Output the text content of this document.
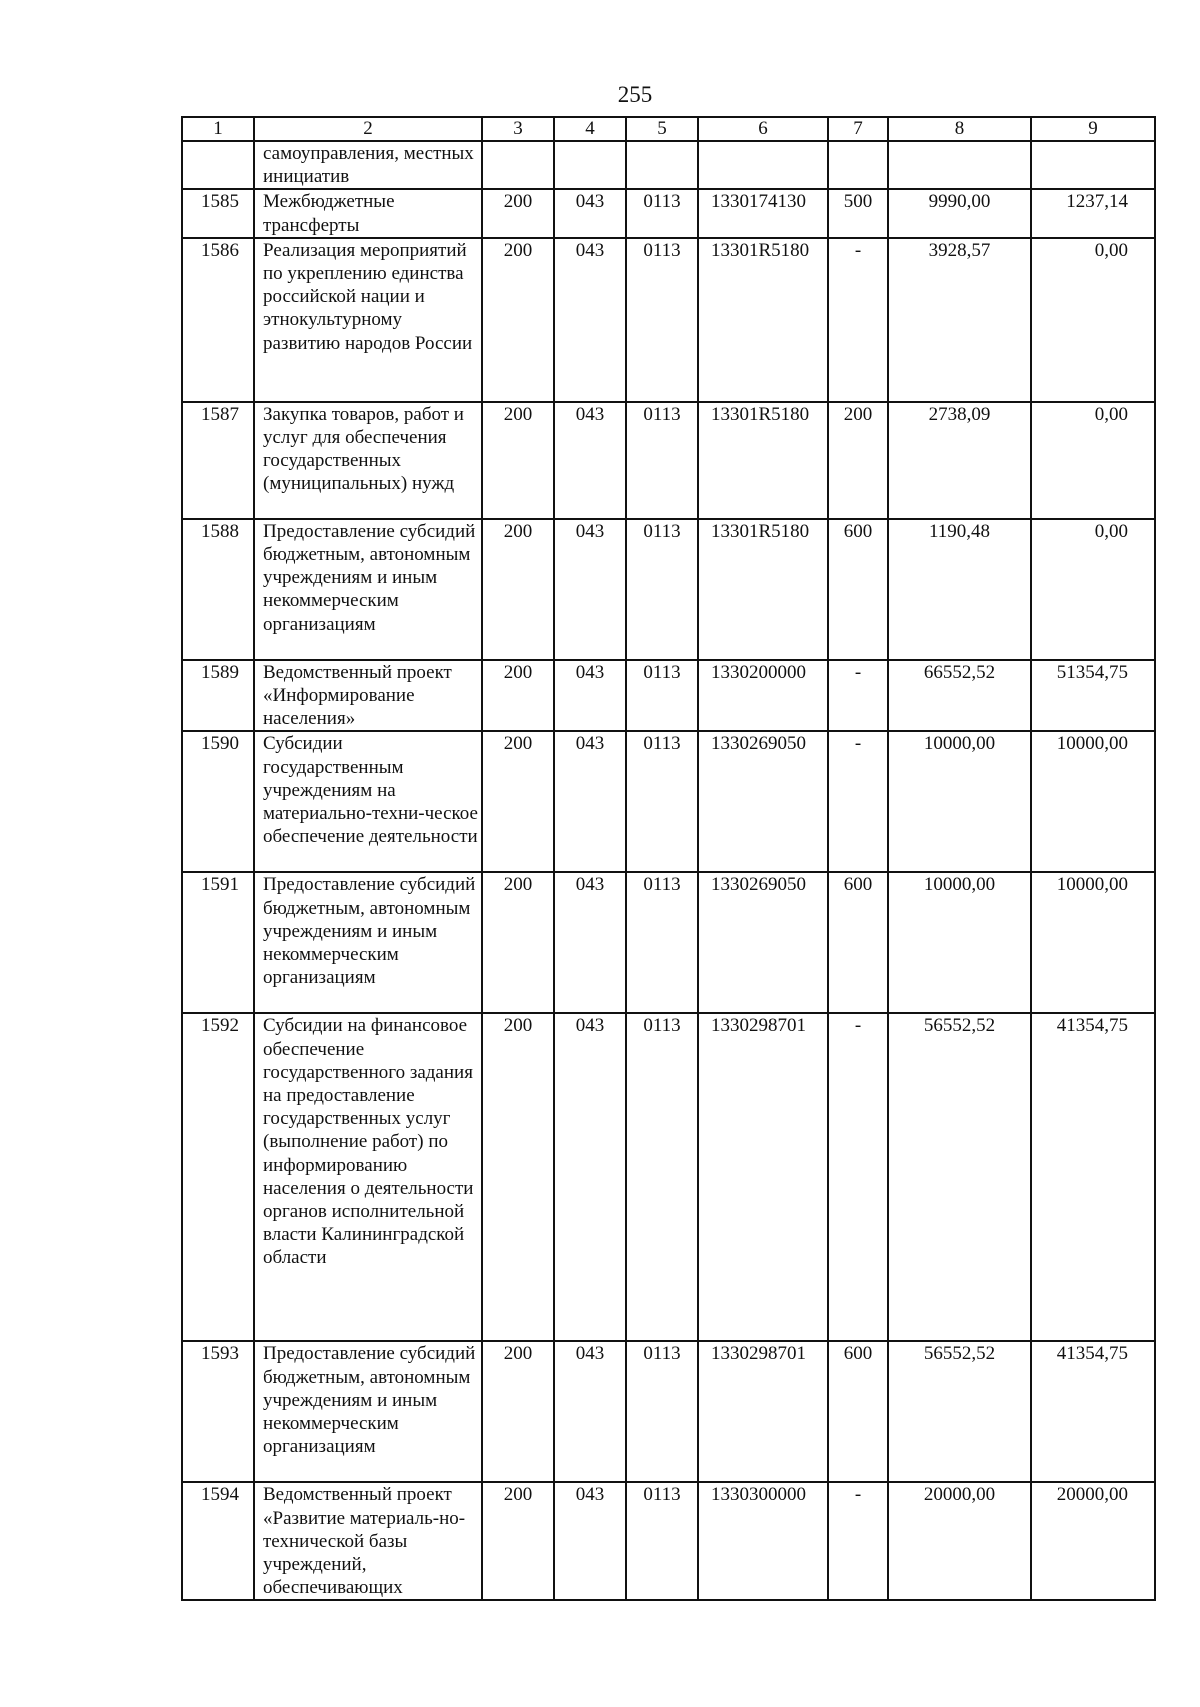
255
1	2	3	4	5	6	7	8	9
	самоуправления, местных инициатив							
1585	Межбюджетные трансферты	200	043	0113	1330174130	500	9990,00	1237,14
1586	Реализация мероприятий по укреплению единства российской нации и этнокультурному развитию народов России	200	043	0113	13301R5180	-	3928,57	0,00
1587	Закупка товаров, работ и услуг для обеспечения государственных (муниципальных) нужд	200	043	0113	13301R5180	200	2738,09	0,00
1588	Предоставление субсидий бюджетным, автономным учреждениям и иным некоммерческим организациям	200	043	0113	13301R5180	600	1190,48	0,00
1589	Ведомственный проект «Информирование населения»	200	043	0113	1330200000	-	66552,52	51354,75
1590	Субсидии государственным учреждениям на материально-техни-ческое обеспечение деятельности	200	043	0113	1330269050	-	10000,00	10000,00
1591	Предоставление субсидий бюджетным, автономным учреждениям и иным некоммерческим организациям	200	043	0113	1330269050	600	10000,00	10000,00
1592	Субсидии на финансовое обеспечение государственного задания на предоставление государственных услуг (выполнение работ) по информированию населения о деятельности органов исполнительной власти Калининградской области	200	043	0113	1330298701	-	56552,52	41354,75
1593	Предоставление субсидий бюджетным, автономным учреждениям и иным некоммерческим организациям	200	043	0113	1330298701	600	56552,52	41354,75
1594	Ведомственный проект «Развитие материаль-но-технической базы учреждений, обеспечивающих	200	043	0113	1330300000	-	20000,00	20000,00
